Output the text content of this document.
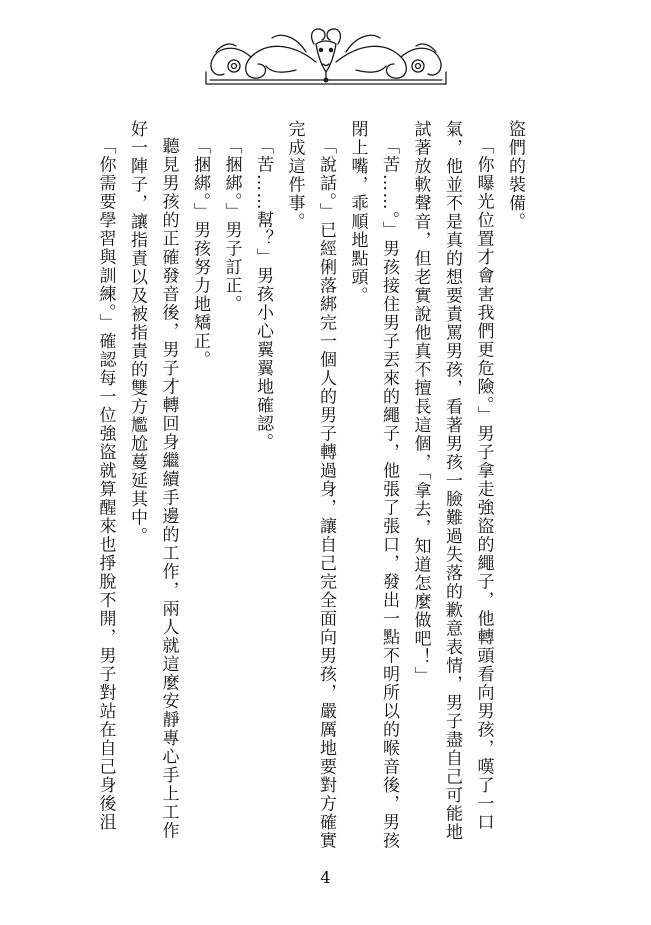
盜們的裝備。

「你曝光位置才會害我們更危險。」男子拿走強盜的繩子，他轉頭看向男孩，嘆了一口氣，他並不是真的想要責罵男孩，看著男孩一臉難過失落的歉意表情，男子盡自己可能地試著放軟聲音，但老實說他真不擅長這個，「拿去，知道怎麼做吧！」

「苦……。」男孩接住男子丟來的繩子，他張了張口，發出一點不明所以的喉音後，男孩閉上嘴，乖順地點頭。

「說話。」已經俐落綁完一個人的男子轉過身，讓自己完全面向男孩，嚴厲地要對方確實完成這件事。

「苦……幫？」男孩小心翼翼地確認。

「捆綁。」男子訂正。

「捆綁。」男孩努力地矯正。

聽見男孩的正確發音後，男子才轉回身繼續手邊的工作，兩人就這麼安靜專心手上工作好一陣子，讓指責以及被指責的雙方尷尬蔓延其中。

「你需要學習與訓練。」確認每一位強盜就算醒來也掙脫不開，男子對站在自己身後沮

4
